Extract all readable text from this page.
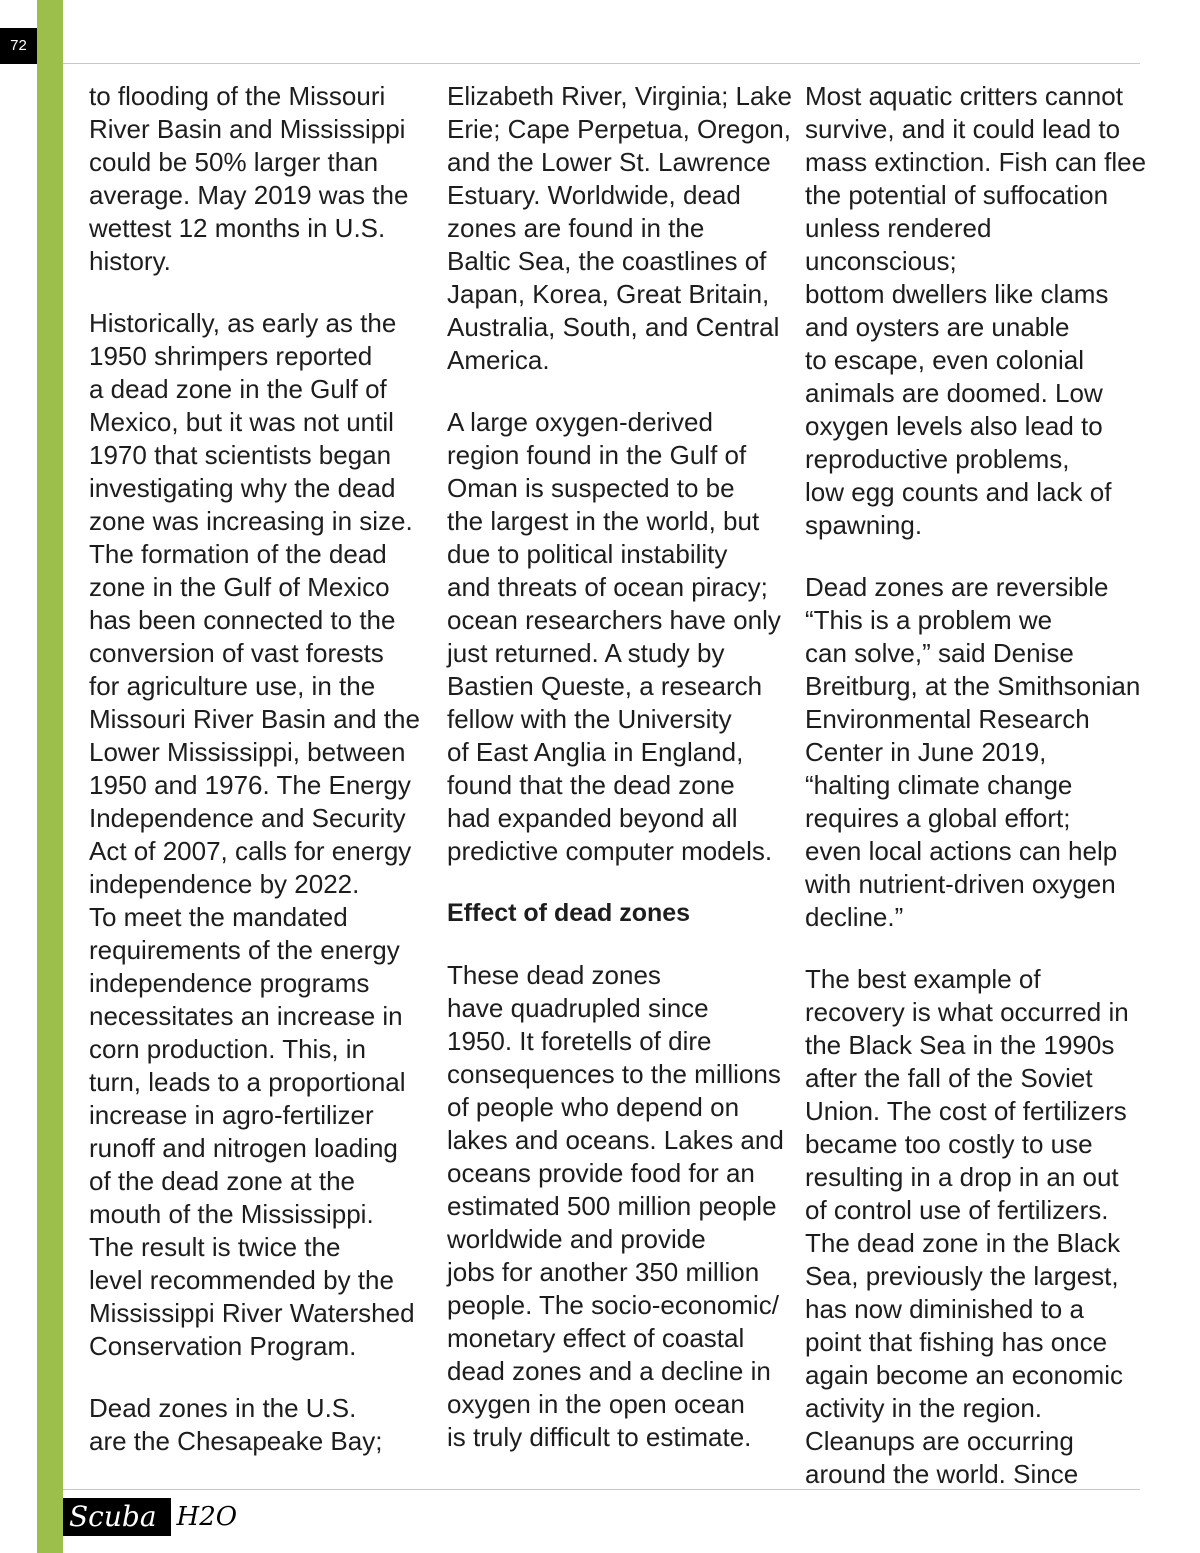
72

to flooding of the Missouri
River Basin and Mississippi
could be 50% larger than
average. May 2019 was the
wettest 12 months in U.S.
history.

Historically, as early as the
1950 shrimpers reported
a dead zone in the Gulf of
Mexico, but it was not until
1970 that scientists began
investigating why the dead
zone was increasing in size.
The formation of the dead
zone in the Gulf of Mexico
has been connected to the
conversion of vast forests
for agriculture use, in the
Missouri River Basin and the
Lower Mississippi, between
1950 and 1976. The Energy
Independence and Security
Act of 2007, calls for energy
independence by 2022.
To meet the mandated
requirements of the energy
independence programs
necessitates an increase in
corn production. This, in
turn, leads to a proportional
increase in agro-fertilizer
runoff and nitrogen loading
of the dead zone at the
mouth of the Mississippi.
The result is twice the
level recommended by the
Mississippi River Watershed
Conservation Program.

Dead zones in the U.S.
are the Chesapeake Bay;

Elizabeth River, Virginia; Lake
Erie; Cape Perpetua, Oregon,
and the Lower St. Lawrence
Estuary. Worldwide, dead
zones are found in the
Baltic Sea, the coastlines of
Japan, Korea, Great Britain,
Australia, South, and Central
America.

A large oxygen-derived
region found in the Gulf of
Oman is suspected to be
the largest in the world, but
due to political instability
and threats of ocean piracy;
ocean researchers have only
just returned. A study by
Bastien Queste, a research
fellow with the University
of East Anglia in England,
found that the dead zone
had expanded beyond all
predictive computer models.

Effect of dead zones

These dead zones
have quadrupled since
1950. It foretells of dire
consequences to the millions
of people who depend on
lakes and oceans. Lakes and
oceans provide food for an
estimated 500 million people
worldwide and provide
jobs for another 350 million
people. The socio-economic/
monetary effect of coastal
dead zones and a decline in
oxygen in the open ocean
is truly difficult to estimate.

Most aquatic critters cannot
survive, and it could lead to
mass extinction. Fish can flee
the potential of suffocation
unless rendered unconscious;
bottom dwellers like clams
and oysters are unable
to escape, even colonial
animals are doomed. Low
oxygen levels also lead to
reproductive problems,
low egg counts and lack of
spawning.

Dead zones are reversible
“This is a problem we
can solve,” said Denise
Breitburg, at the Smithsonian
Environmental Research
Center in June 2019,
“halting climate change
requires a global effort;
even local actions can help
with nutrient-driven oxygen
decline.”

The best example of
recovery is what occurred in
the Black Sea in the 1990s
after the fall of the Soviet
Union. The cost of fertilizers
became too costly to use
resulting in a drop in an out
of control use of fertilizers.
The dead zone in the Black
Sea, previously the largest,
has now diminished to a
point that fishing has once
again become an economic
activity in the region.
Cleanups are occurring
around the world. Since

Scuba H2O
